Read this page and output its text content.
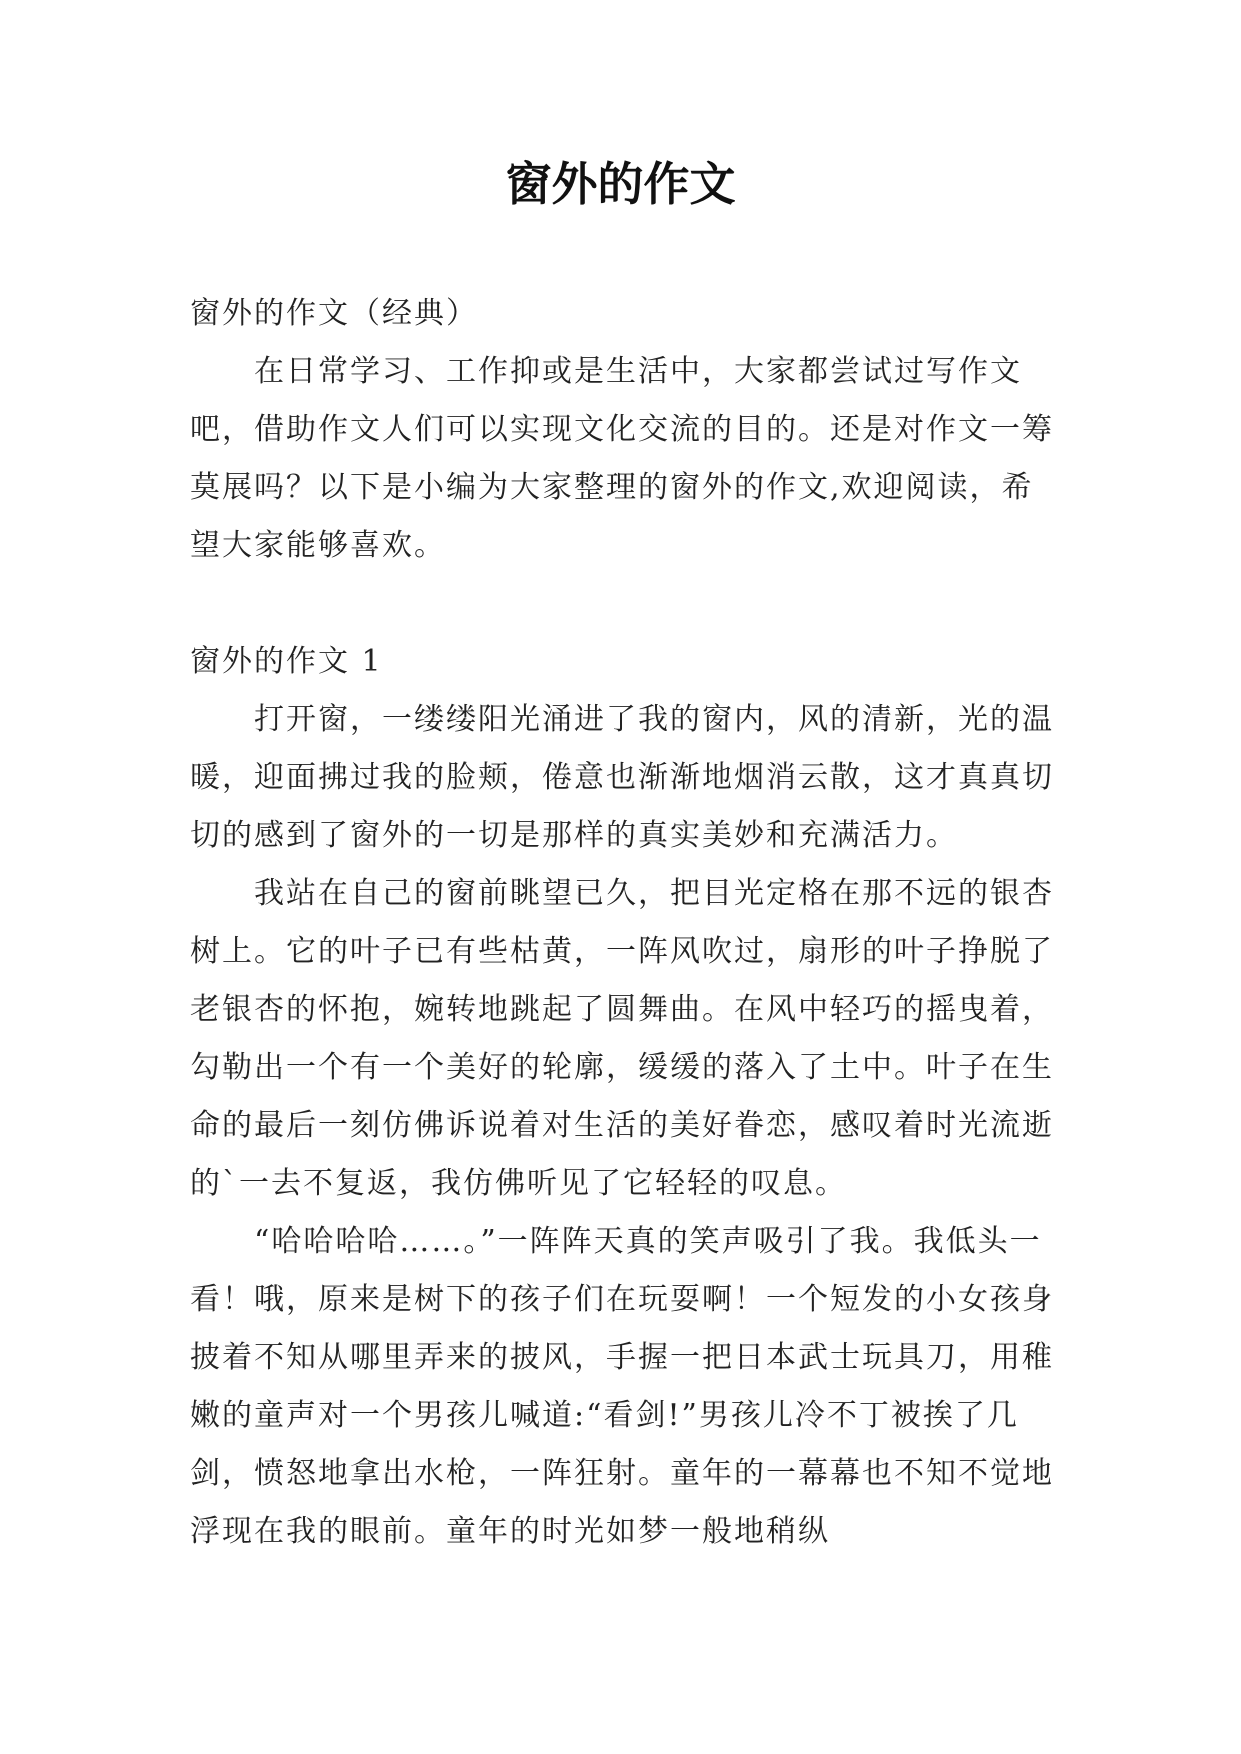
窗外的作文

窗外的作文（经典）

在日常学习、工作抑或是生活中，大家都尝试过写作文吧，借助作文人们可以实现文化交流的目的。还是对作文一筹莫展吗？以下是小编为大家整理的窗外的作文,欢迎阅读，希望大家能够喜欢。

窗外的作文 1

打开窗，一缕缕阳光涌进了我的窗内，风的清新，光的温暖，迎面拂过我的脸颊，倦意也渐渐地烟消云散，这才真真切切的感到了窗外的一切是那样的真实美妙和充满活力。

我站在自己的窗前眺望已久，把目光定格在那不远的银杏树上。它的叶子已有些枯黄，一阵风吹过，扇形的叶子挣脱了老银杏的怀抱，婉转地跳起了圆舞曲。在风中轻巧的摇曳着，勾勒出一个有一个美好的轮廓，缓缓的落入了土中。叶子在生命的最后一刻仿佛诉说着对生活的美好眷恋，感叹着时光流逝的`一去不复返，我仿佛听见了它轻轻的叹息。

“哈哈哈哈……。”一阵阵天真的笑声吸引了我。我低头一看！哦，原来是树下的孩子们在玩耍啊！一个短发的小女孩身披着不知从哪里弄来的披风，手握一把日本武士玩具刀，用稚嫩的童声对一个男孩儿喊道:“看剑!”男孩儿冷不丁被挨了几剑，愤怒地拿出水枪，一阵狂射。童年的一幕幕也不知不觉地浮现在我的眼前。童年的时光如梦一般地稍纵
